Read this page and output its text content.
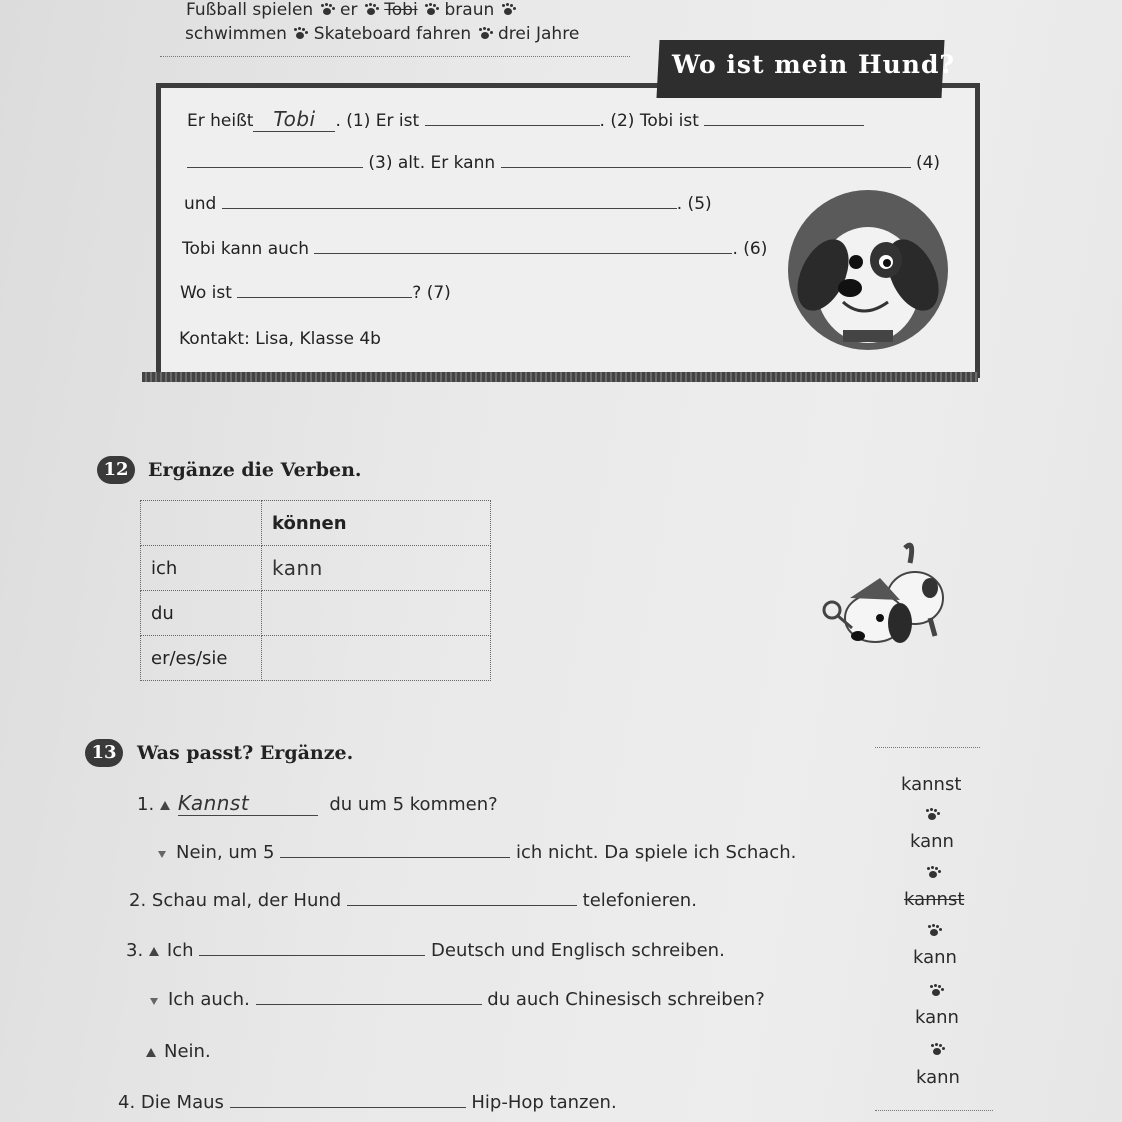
Fußball spielen er Tobi braun
schwimmen Skateboard fahren drei Jahre
Wo ist mein Hund?
Er heißt Tobi . (1) Er ist	. (2) Tobi ist
(3) alt. Er kann	(4)
und	. (5)
Tobi kann auch	. (6)
Wo ist	? (7)
Kontakt: Lisa, Klasse 4b
12	Ergänze die Verben.
	können
ich	kann
du	
er/es/sie	
13	Was passt? Ergänze.
1. Kannst	du um 5 kommen?
Nein, um 5	ich nicht. Da spiele ich Schach.
2. Schau mal, der Hund	telefonieren.
3. Ich	Deutsch und Englisch schreiben.
Ich auch.	du auch Chinesisch schreiben?
Nein.
4. Die Maus	Hip-Hop tanzen.
kannst
kann
kannst
kann
kann
kann
